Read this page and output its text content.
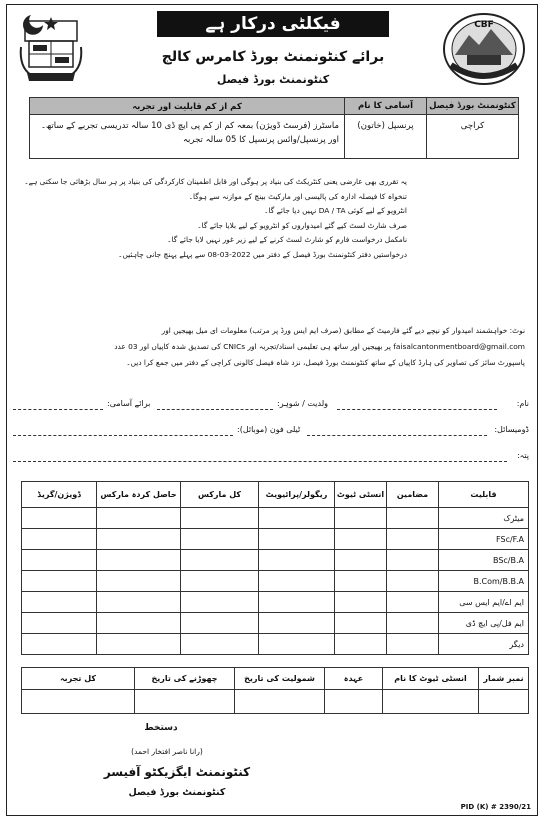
فیکلٹی درکار ہے
برائے کنٹونمنٹ بورڈ کامرس کالج
کنٹونمنٹ بورڈ فیصل
CBF
کنٹونمنٹ بورڈ فیصل	آسامی کا نام	کم از کم قابلیت اور تجربہ
کراچی	پرنسپل (خاتون)	ماسٹرز (فرسٹ ڈویژن) بمعہ کم از کم پی ایچ ڈی 10 سالہ تدریسی تجربے کے ساتھ۔ اور پرنسپل/وائس پرنسپل کا 05 سالہ تجربہ
یہ تقرری بھی عارضی یعنی کنٹریکٹ کی بنیاد پر ہوگی اور قابل اطمینان کارکردگی کی بنیاد پر ہر سال بڑھائی جا سکتی ہے۔
تنخواہ کا فیصلہ ادارہ کی پالیسی اور مارکیٹ بینچ کے موازنہ سے ہوگا۔
انٹرویو کے لیے کوئی DA / TA نہیں دیا جائے گا۔
صرف شارٹ لسٹ کیے گئے امیدواروں کو انٹرویو کے لیے بلایا جائے گا۔
نامکمل درخواست فارم کو شارٹ لسٹ کرنے کے لیے زیر غور نہیں لایا جائے گا۔
درخواستیں دفتر کنٹونمنٹ بورڈ فیصل کے دفتر میں 2022-03-08 سے پہلے پہنچ جانی چاہئیں۔
نوٹ: خواہشمند امیدوار کو نیچے دیے گئے فارمیٹ کے مطابق (صرف ایم ایس ورڈ پر مرتب) معلومات ای میل بھیجیں اور
faisalcantonmentboard@gmail.com پر بھیجیں اور ساتھ ہی تعلیمی اسناد/تجربہ اور CNICs کی تصدیق شدہ کاپیاں اور 03 عدد
پاسپورٹ سائز کی تصاویر کی ہارڈ کاپیاں کے ساتھ کنٹونمنٹ بورڈ فیصل، نزد شاہ فیصل کالونی کراچی کے دفتر میں جمع کرا دیں۔
نام:
ولدیت / شوہر:
برائے آسامی:
ڈومیسائل:
ٹیلی فون (موبائل):
پتہ:
قابلیت	مضامین	انسٹی ٹیوٹ	ریگولر/پرائیویٹ	کل مارکس	حاصل کردہ مارکس	ڈویژن/گریڈ
میٹرک						
FSc/F.A						
BSc/B.A						
B.Com/B.B.A						
ایم اے/ایم ایس سی						
ایم فل/پی ایچ ڈی						
دیگر						
نمبر شمار	انسٹی ٹیوٹ کا نام	عہدہ	شمولیت کی تاریخ	چھوڑنے کی تاریخ	کل تجربہ

دستخط
(رانا ناصر افتخار احمد)
کنٹونمنٹ ایگزیکٹو آفیسر
کنٹونمنٹ بورڈ فیصل
PID (K) # 2390/21
